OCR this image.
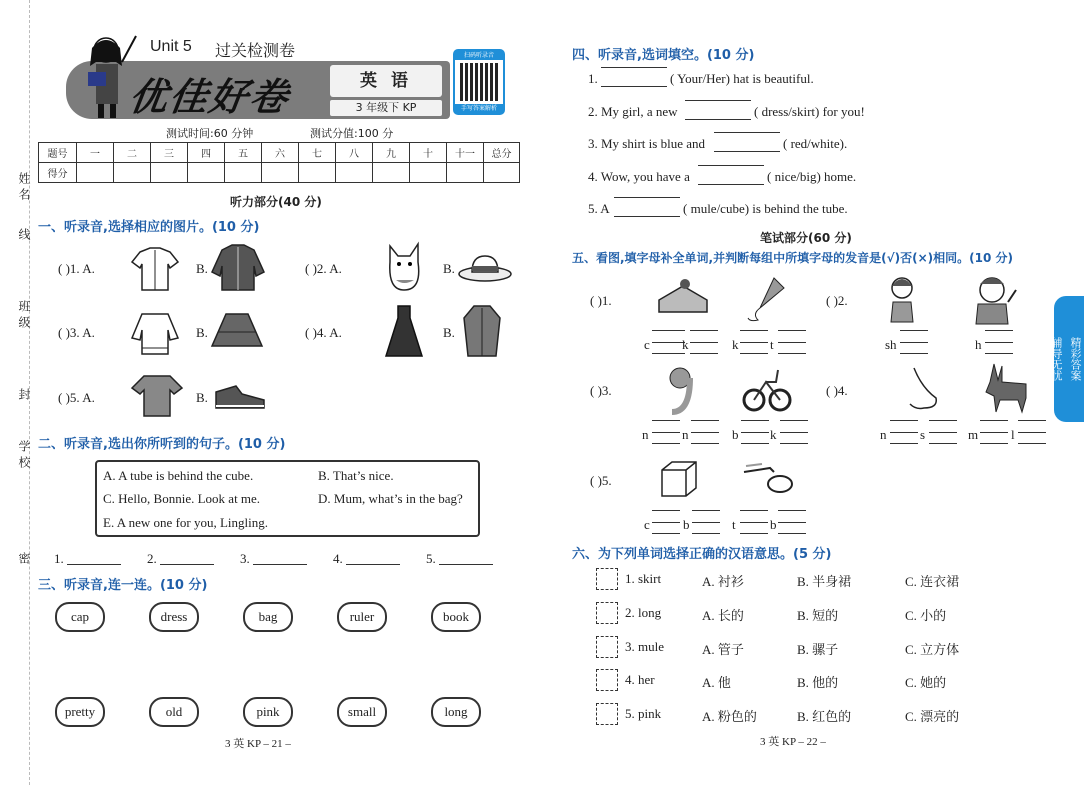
姓
名
线
班
级
封
学
校
密
Unit 5 过关检测卷
优佳好卷	英 语
3 年级下 KP
扫码听录音
手写答案解析
测试时间:60 分钟	测试分值:100 分
题号	一	二	三	四	五	六	七	八	九	十	十一	总分
得分												
听力部分(40 分)
一、听录音,选择相应的图片。(10 分)
( )1. A.	B.	( )2. A.	B.
( )3. A.	B.	( )4. A.	B.
( )5. A.	B.
二、听录音,选出你所听到的句子。(10 分)
A. A tube is behind the cube.	B. That’s nice.
C. Hello, Bonnie. Look at me.	D. Mum, what’s in the bag?
E. A new one for you, Lingling.
1.	2.	3.	4.	5.
三、听录音,连一连。(10 分)
cap	dress	bag	ruler	book
pretty	old	pink	small	long
3 英 KP – 21 –
四、听录音,选词填空。(10 分)
1.	( Your/Her) hat is beautiful.
2. My girl, a new	( dress/skirt) for you!
3. My shirt is blue and	( red/white).
4. Wow, you have a	( nice/big) home.
5. A	( mule/cube) is behind the tube.
笔试部分(60 分)
五、看图,填字母补全单词,并判断每组中所填字母的发音是(√)否(×)相同。(10 分)
( )1.
c k	k t
( )2.
sh	h
( )3.
n	n	b k
( )4.
n	s	m	l
( )5.
c	b	t	b
六、为下列单词选择正确的汉语意思。(5 分)
1. skirt	A. 衬衫	B. 半身裙	C. 连衣裙
2. long	A. 长的	B. 短的	C. 小的
3. mule	A. 管子	B. 骡子	C. 立方体
4. her	A. 他	B. 他的	C. 她的
5. pink	A. 粉色的	B. 红色的	C. 漂亮的
3 英 KP – 22 –
精彩答案
辅导无忧
